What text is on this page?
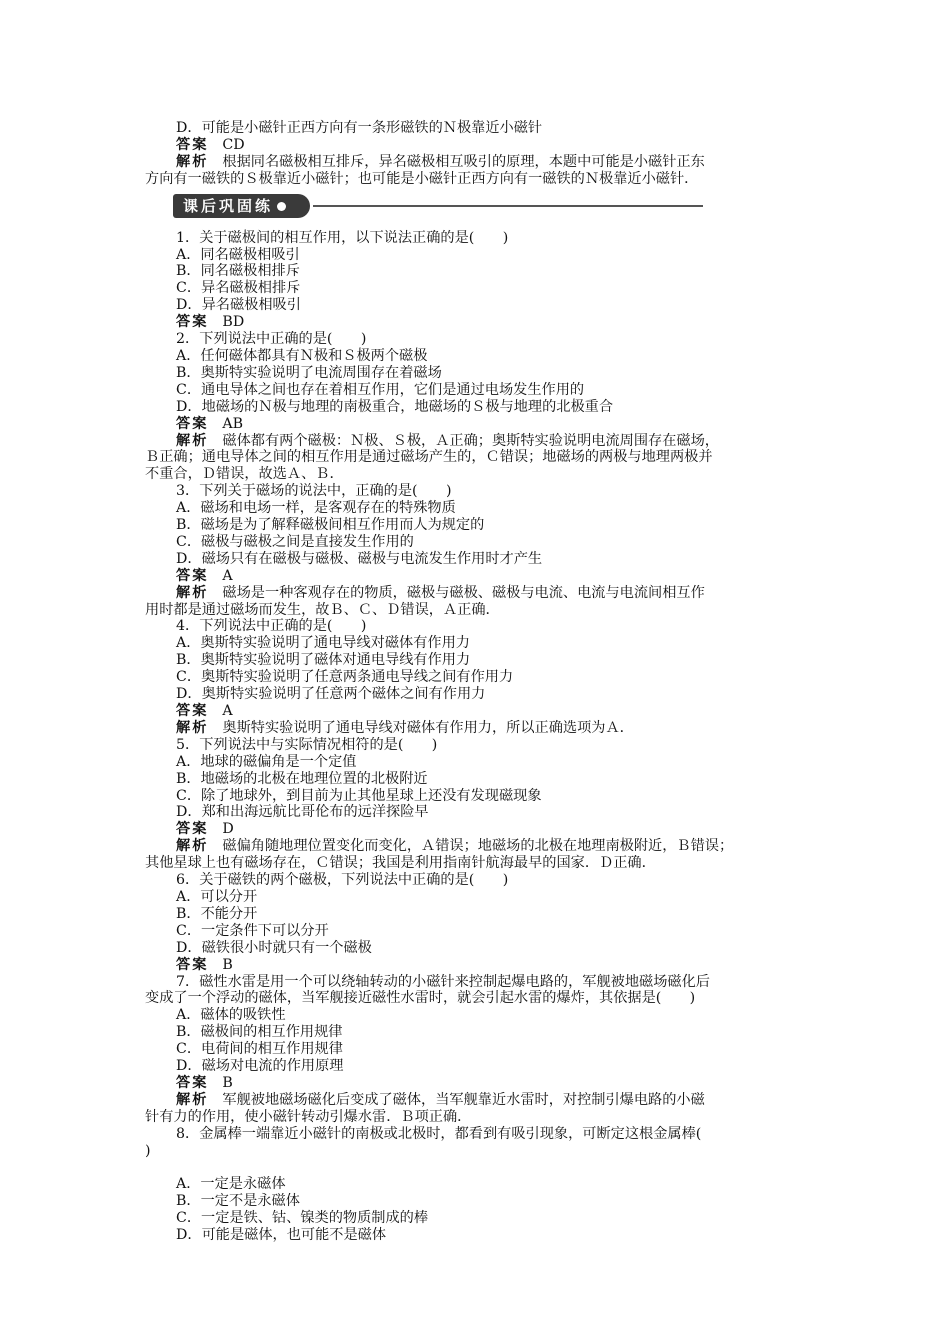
D．可能是小磁针正西方向有一条形磁铁的Ｎ极靠近小磁针
答案 CD
解析 根据同名磁极相互排斥，异名磁极相互吸引的原理，本题中可能是小磁针正东
方向有一磁铁的Ｓ极靠近小磁针；也可能是小磁针正西方向有一磁铁的Ｎ极靠近小磁针．
课后巩固练
1．关于磁极间的相互作用，以下说法正确的是(　　)
A．同名磁极相吸引
B．同名磁极相排斥
C．异名磁极相排斥
D．异名磁极相吸引
答案 BD
2．下列说法中正确的是(　　)
A．任何磁体都具有Ｎ极和Ｓ极两个磁极
B．奥斯特实验说明了电流周围存在着磁场
C．通电导体之间也存在着相互作用，它们是通过电场发生作用的
D．地磁场的Ｎ极与地理的南极重合，地磁场的Ｓ极与地理的北极重合
答案 AB
解析 磁体都有两个磁极：Ｎ极、Ｓ极，Ａ正确；奥斯特实验说明电流周围存在磁场，
Ｂ正确；通电导体之间的相互作用是通过磁场产生的，Ｃ错误；地磁场的两极与地理两极并
不重合，Ｄ错误，故选Ａ、Ｂ．
3．下列关于磁场的说法中，正确的是(　　)
A．磁场和电场一样，是客观存在的特殊物质
B．磁场是为了解释磁极间相互作用而人为规定的
C．磁极与磁极之间是直接发生作用的
D．磁场只有在磁极与磁极、磁极与电流发生作用时才产生
答案 A
解析 磁场是一种客观存在的物质，磁极与磁极、磁极与电流、电流与电流间相互作
用时都是通过磁场而发生，故Ｂ、Ｃ、Ｄ错误，Ａ正确．
4．下列说法中正确的是(　　)
A．奥斯特实验说明了通电导线对磁体有作用力
B．奥斯特实验说明了磁体对通电导线有作用力
C．奥斯特实验说明了任意两条通电导线之间有作用力
D．奥斯特实验说明了任意两个磁体之间有作用力
答案 A
解析 奥斯特实验说明了通电导线对磁体有作用力，所以正确选项为Ａ．
5．下列说法中与实际情况相符的是(　　)
A．地球的磁偏角是一个定值
B．地磁场的北极在地理位置的北极附近
C．除了地球外，到目前为止其他星球上还没有发现磁现象
D．郑和出海远航比哥伦布的远洋探险早
答案 D
解析 磁偏角随地理位置变化而变化，Ａ错误；地磁场的北极在地理南极附近，Ｂ错误；
其他星球上也有磁场存在，Ｃ错误；我国是利用指南针航海最早的国家．Ｄ正确．
6．关于磁铁的两个磁极，下列说法中正确的是(　　)
A．可以分开
B．不能分开
C．一定条件下可以分开
D．磁铁很小时就只有一个磁极
答案 B
7．磁性水雷是用一个可以绕轴转动的小磁针来控制起爆电路的，军舰被地磁场磁化后
变成了一个浮动的磁体，当军舰接近磁性水雷时，就会引起水雷的爆炸，其依据是(　　)
A．磁体的吸铁性
B．磁极间的相互作用规律
C．电荷间的相互作用规律
D．磁场对电流的作用原理
答案 B
解析 军舰被地磁场磁化后变成了磁体，当军舰靠近水雷时，对控制引爆电路的小磁
针有力的作用，使小磁针转动引爆水雷．Ｂ项正确．
8．金属棒一端靠近小磁针的南极或北极时，都看到有吸引现象，可断定这根金属棒(
)
A．一定是永磁体
B．一定不是永磁体
C．一定是铁、钴、镍类的物质制成的棒
D．可能是磁体，也可能不是磁体
